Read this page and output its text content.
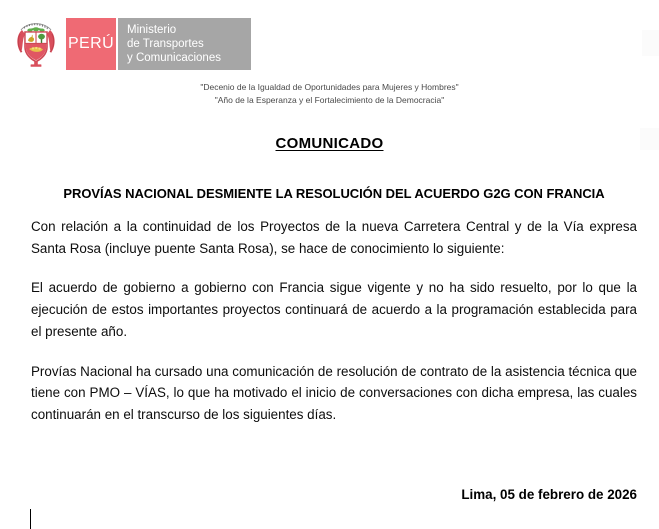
PERÚ
Ministerio
de Transportes
y Comunicaciones
"Decenio de la Igualdad de Oportunidades para Mujeres y Hombres"
"Año de la Esperanza y el Fortalecimiento de la Democracia"
COMUNICADO
PROVÍAS NACIONAL DESMIENTE LA RESOLUCIÓN DEL ACUERDO G2G CON FRANCIA

Con relación a la continuidad de los Proyectos de la nueva Carretera Central y de la Vía expresa Santa Rosa (incluye puente Santa Rosa), se hace de conocimiento lo siguiente:

El acuerdo de gobierno a gobierno con Francia sigue vigente y no ha sido resuelto, por lo que la ejecución de estos importantes proyectos continuará de acuerdo a la programación establecida para el presente año.

Provías Nacional ha cursado una comunicación de resolución de contrato de la asistencia técnica que tiene con PMO – VÍAS, lo que ha motivado el inicio de conversaciones con dicha empresa, las cuales continuarán en el transcurso de los siguientes días.

Lima, 05 de febrero de 2026
